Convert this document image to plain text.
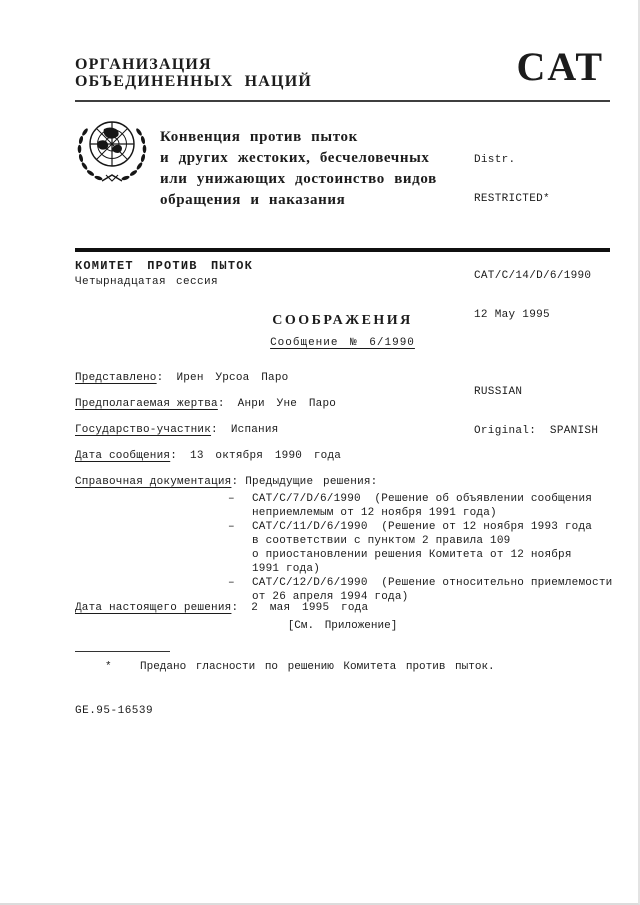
ОРГАНИЗАЦИЯ
ОБЪЕДИНЕННЫХ НАЦИЙ	CAT
Конвенция против пыток
и других жестоких, бесчеловечных
или унижающих достоинство видов
обращения и наказания

Distr.

RESTRICTED*

CAT/C/14/D/6/1990

12 May 1995

RUSSIAN

Original:  SPANISH

КОМИТЕТ ПРОТИВ ПЫТОК
Четырнадцатая сессия
СООБРАЖЕНИЯ
Сообщение № 6/1990
Представлено: Ирен Урсоа Паро
Предполагаемая жертва: Анри Уне Паро
Государство-участник: Испания
Дата сообщения: 13 октября 1990 года
Справочная документация: Предыдущие решения:
–	CAT/C/7/D/6/1990  (Решение об объявлении сообщения
неприемлемым от 12 ноября 1991 года)
–	CAT/C/11/D/6/1990  (Решение от 12 ноября 1993 года
в соответствии с пунктом 2 правила 109
о приостановлении решения Комитета от 12 ноября
1991 года)
–	CAT/C/12/D/6/1990  (Решение относительно приемлемости
от 26 апреля 1994 года)
Дата настоящего решения: 2 мая 1995 года
[См. Приложение]
*	Предано гласности по решению Комитета против пыток.
GE.95-16539
